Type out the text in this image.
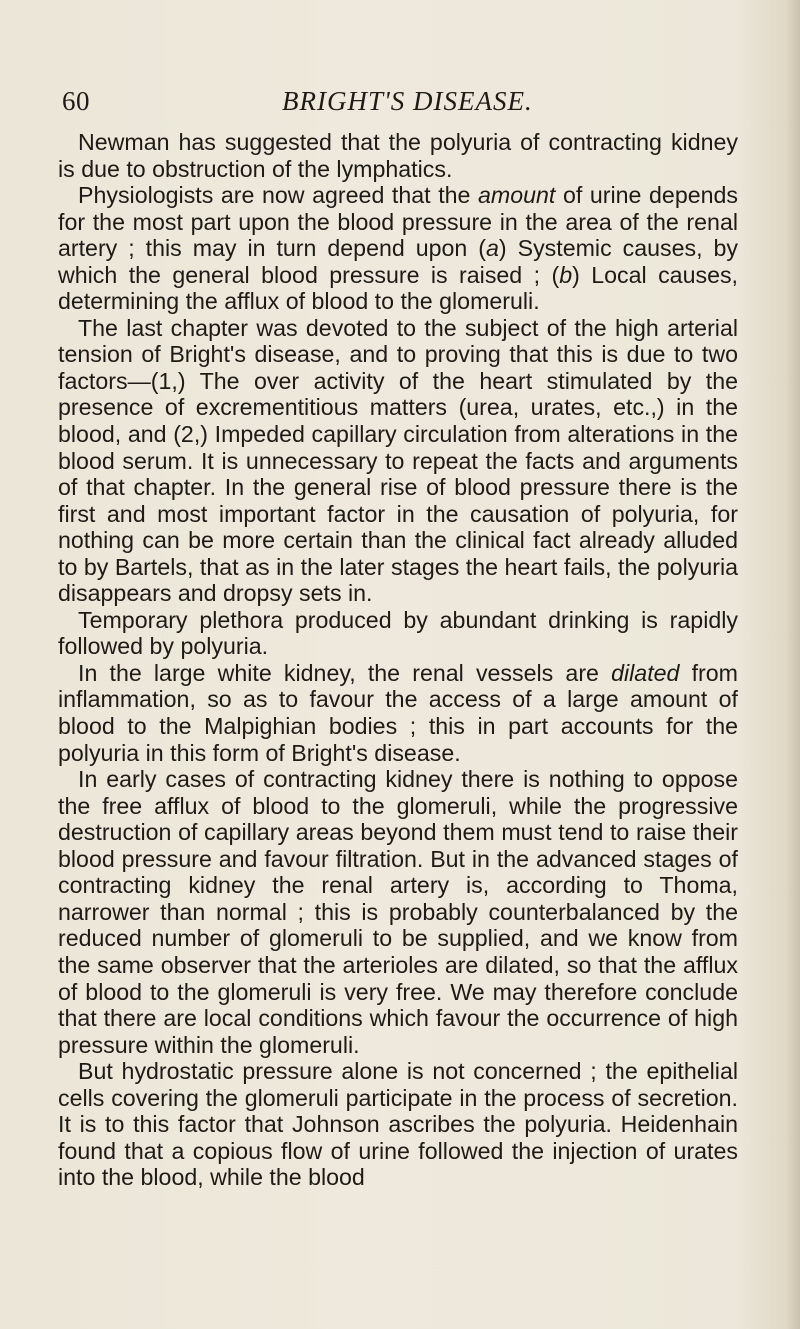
60	BRIGHT'S DISEASE.

Newman has suggested that the polyuria of contracting kidney is due to obstruction of the lymphatics.

Physiologists are now agreed that the amount of urine depends for the most part upon the blood pressure in the area of the renal artery ; this may in turn depend upon (a) Systemic causes, by which the general blood pressure is raised ; (b) Local causes, determining the afflux of blood to the glomeruli.

The last chapter was devoted to the subject of the high arterial tension of Bright's disease, and to proving that this is due to two factors—(1,) The over activity of the heart stimulated by the presence of excrementitious matters (urea, urates, etc.,) in the blood, and (2,) Impeded capillary circulation from alterations in the blood serum. It is unnecessary to repeat the facts and arguments of that chapter. In the general rise of blood pressure there is the first and most important factor in the causation of polyuria, for nothing can be more certain than the clinical fact already alluded to by Bartels, that as in the later stages the heart fails, the polyuria disappears and dropsy sets in.

Temporary plethora produced by abundant drinking is rapidly followed by polyuria.

In the large white kidney, the renal vessels are dilated from inflammation, so as to favour the access of a large amount of blood to the Malpighian bodies ; this in part accounts for the polyuria in this form of Bright's disease.

In early cases of contracting kidney there is nothing to oppose the free afflux of blood to the glomeruli, while the progressive destruction of capillary areas beyond them must tend to raise their blood pressure and favour filtration. But in the advanced stages of contracting kidney the renal artery is, according to Thoma, narrower than normal ; this is probably counterbalanced by the reduced number of glomeruli to be supplied, and we know from the same observer that the arterioles are dilated, so that the afflux of blood to the glomeruli is very free. We may therefore conclude that there are local conditions which favour the occurrence of high pressure within the glomeruli.

But hydrostatic pressure alone is not concerned ; the epithelial cells covering the glomeruli participate in the process of secretion. It is to this factor that Johnson ascribes the polyuria. Heidenhain found that a copious flow of urine followed the injection of urates into the blood, while the blood
